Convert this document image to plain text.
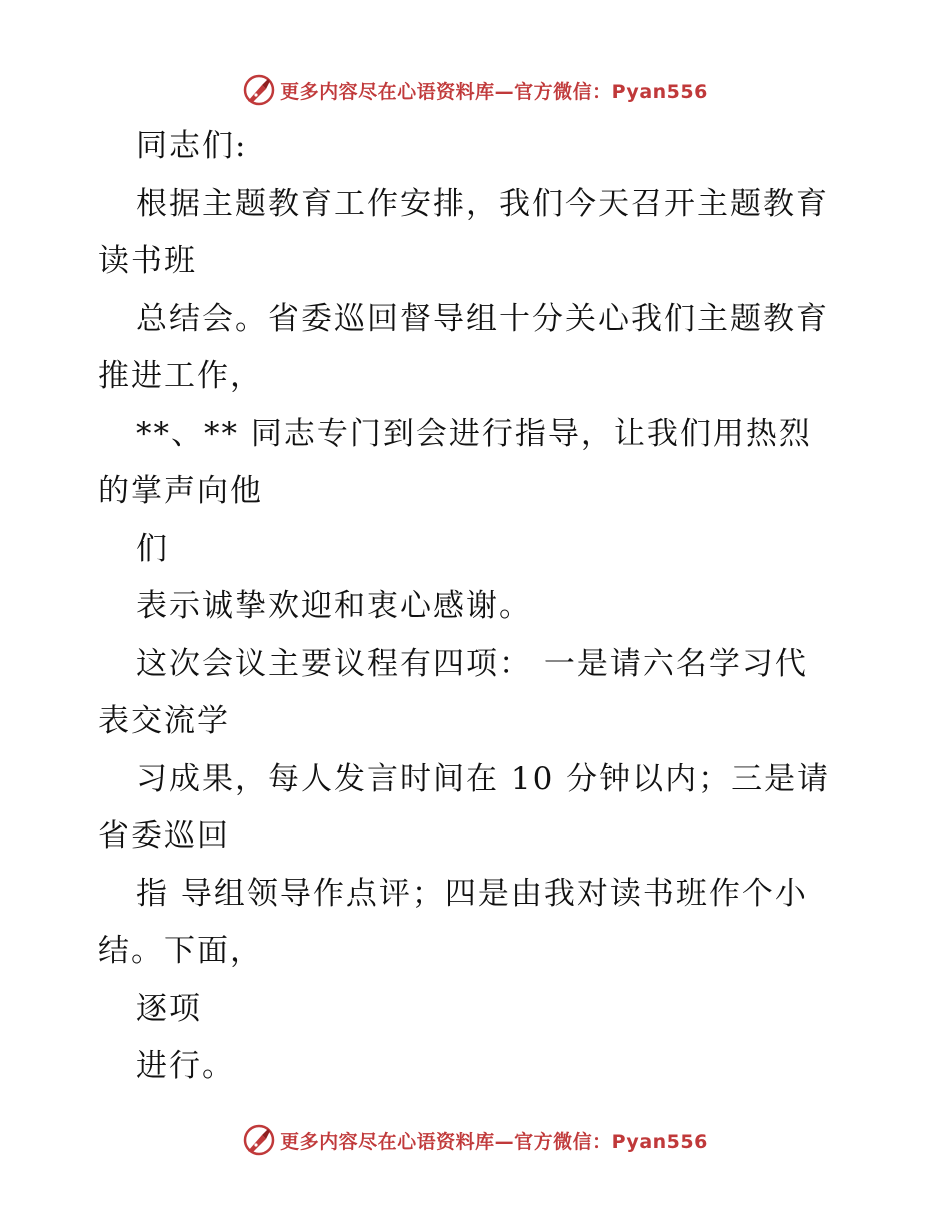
更多内容尽在心语资料库—官方微信：Pyan556

同志们:

根据主题教育工作安排，我们今天召开主题教育

读书班

总结会。省委巡回督导组十分关心我们主题教育

推进工作，

**、** 同志专门到会进行指导，让我们用热烈

的掌声向他

们

表示诚挚欢迎和衷心感谢。

这次会议主要议程有四项： 一是请六名学习代

表交流学

习成果，每人发言时间在 10 分钟以内；三是请

省委巡回

指 导组领导作点评；四是由我对读书班作个小

结。下面，

逐项

进行。

更多内容尽在心语资料库—官方微信：Pyan556
